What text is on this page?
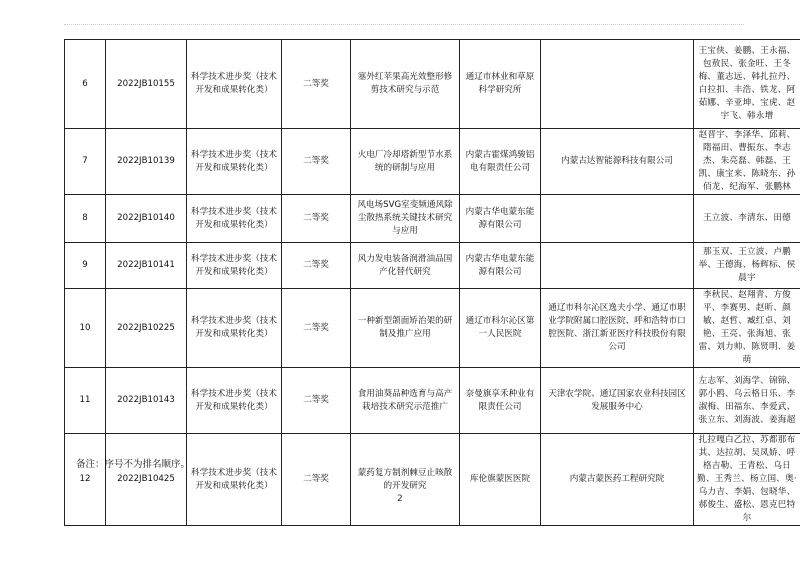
6	2022JB10155	科学技术进步奖（技术开发和成果转化类）	二等奖	塞外红苹果高光效整形修剪技术研究与示范	通辽市林业和草原科学研究所		王宝侠、姜鹏、王永福、包敖民、张金旺、王冬梅、董志远、韩扎拉丹、白拉扣、丰浩、铁龙、阿茹娜、辛亚坤、宝虎、赵宇飞、韩永增
7	2022JB10139	科学技术进步奖（技术开发和成果转化类）	二等奖	火电厂冷却塔新型节水系统的研制与应用	内蒙古霍煤鸿骏铝电有限责任公司	内蒙古达智能源科技有限公司	赵晋宇、李泽华、邱莉、隋福田、曹振东、李志杰、朱亮磊、韩磊、王凯、康宝来、陈晓东、孙佰龙、纪海军、张鹏林
8	2022JB10140	科学技术进步奖（技术开发和成果转化类）	二等奖	风电场SVG室变频通风除尘散热系统关键技术研究与应用	内蒙古华电蒙东能源有限公司		王立波、李清东、田德
9	2022JB10141	科学技术进步奖（技术开发和成果转化类）	二等奖	风力发电装备润滑油品国产化替代研究	内蒙古华电蒙东能源有限公司		那玉双、王立波、卢鹏举、王德海、杨辉标、侯晨宇
10	2022JB10225	科学技术进步奖（技术开发和成果转化类）	二等奖	一种新型颌面矫治架的研制及推广应用	通辽市科尔沁区第一人民医院	通辽市科尔沁区逸夫小学、通辽市职业学院附属口腔医院、呼和浩特市口腔医院、浙江新亚医疗科技股份有限公司	李秋民、赵翔青、方俊平、李赛男、赵昕、颜敏、赵哲、臧红卓、刘艳、王亮、张海旭、张雷、刘力帅、陈贤明、姜萌
11	2022JB10143	科学技术进步奖（技术开发和成果转化类）	二等奖	食用油葵品种选育与高产栽培技术研究示范推广	奈曼旗享禾种业有限责任公司	天津农学院、通辽国家农业科技园区发展服务中心	左志军、刘海学、锦锦、郭小鸥、乌云格日乐、李淑梅、田福东、李爱武、张立东、刘海波、姜海超
12	2022JB10425	科学技术进步奖（技术开发和成果转化类）	二等奖	蒙药复方制剂棘豆止咳散的开发研究	库伦旗蒙医医院	内蒙古蒙医药工程研究院	扎拉嘎白乙拉、苏都那布其、达拉胡、吴凤娇、呼格吉勒、王青松、乌日勤、王秀兰、杨立国、奥·乌力吉、李娟、包晓华、郝俊生、盛松、恩克巴特尔
备注：序号不为排名顺序。
2
